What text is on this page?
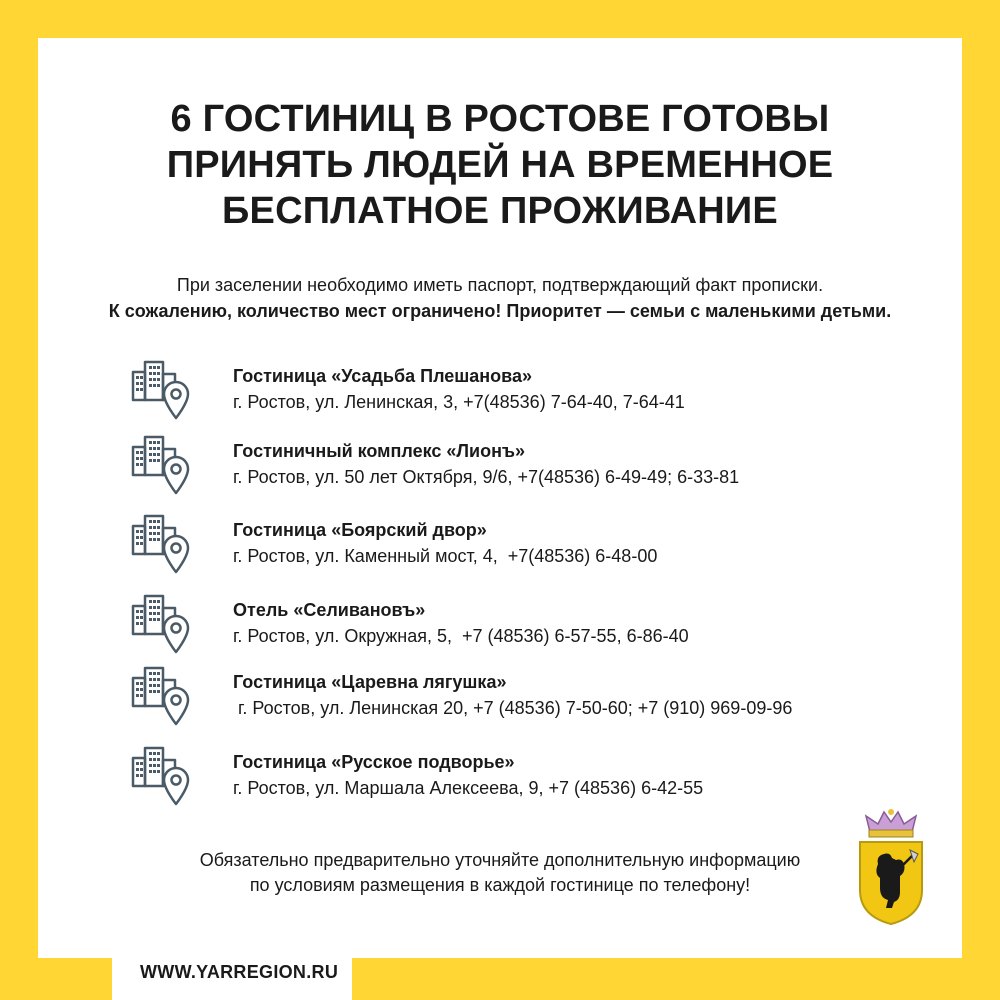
6 ГОСТИНИЦ В РОСТОВЕ ГОТОВЫ
ПРИНЯТЬ ЛЮДЕЙ НА ВРЕМЕННОЕ
БЕСПЛАТНОЕ ПРОЖИВАНИЕ
При заселении необходимо иметь паспорт, подтверждающий факт прописки.
К сожалению, количество мест ограничено! Приоритет — семьи с маленькими детьми.
Гостиница «Усадьба Плешанова»
г. Ростов, ул. Ленинская, 3, +7(48536) 7-64-40, 7-64-41
Гостиничный комплекс «Лионъ»
г. Ростов, ул. 50 лет Октября, 9/6, +7(48536) 6-49-49; 6-33-81
Гостиница «Боярский двор»
г. Ростов, ул. Каменный мост, 4,  +7(48536) 6-48-00
Отель «Селивановъ»
г. Ростов, ул. Окружная, 5,  +7 (48536) 6-57-55, 6-86-40
Гостиница «Царевна лягушка»
г. Ростов, ул. Ленинская 20, +7 (48536) 7-50-60; +7 (910) 969-09-96
Гостиница «Русское подворье»
г. Ростов, ул. Маршала Алексеева, 9, +7 (48536) 6-42-55
Обязательно предварительно уточняйте дополнительную информацию
по условиям размещения в каждой гостинице по телефону!
WWW.YARREGION.RU
